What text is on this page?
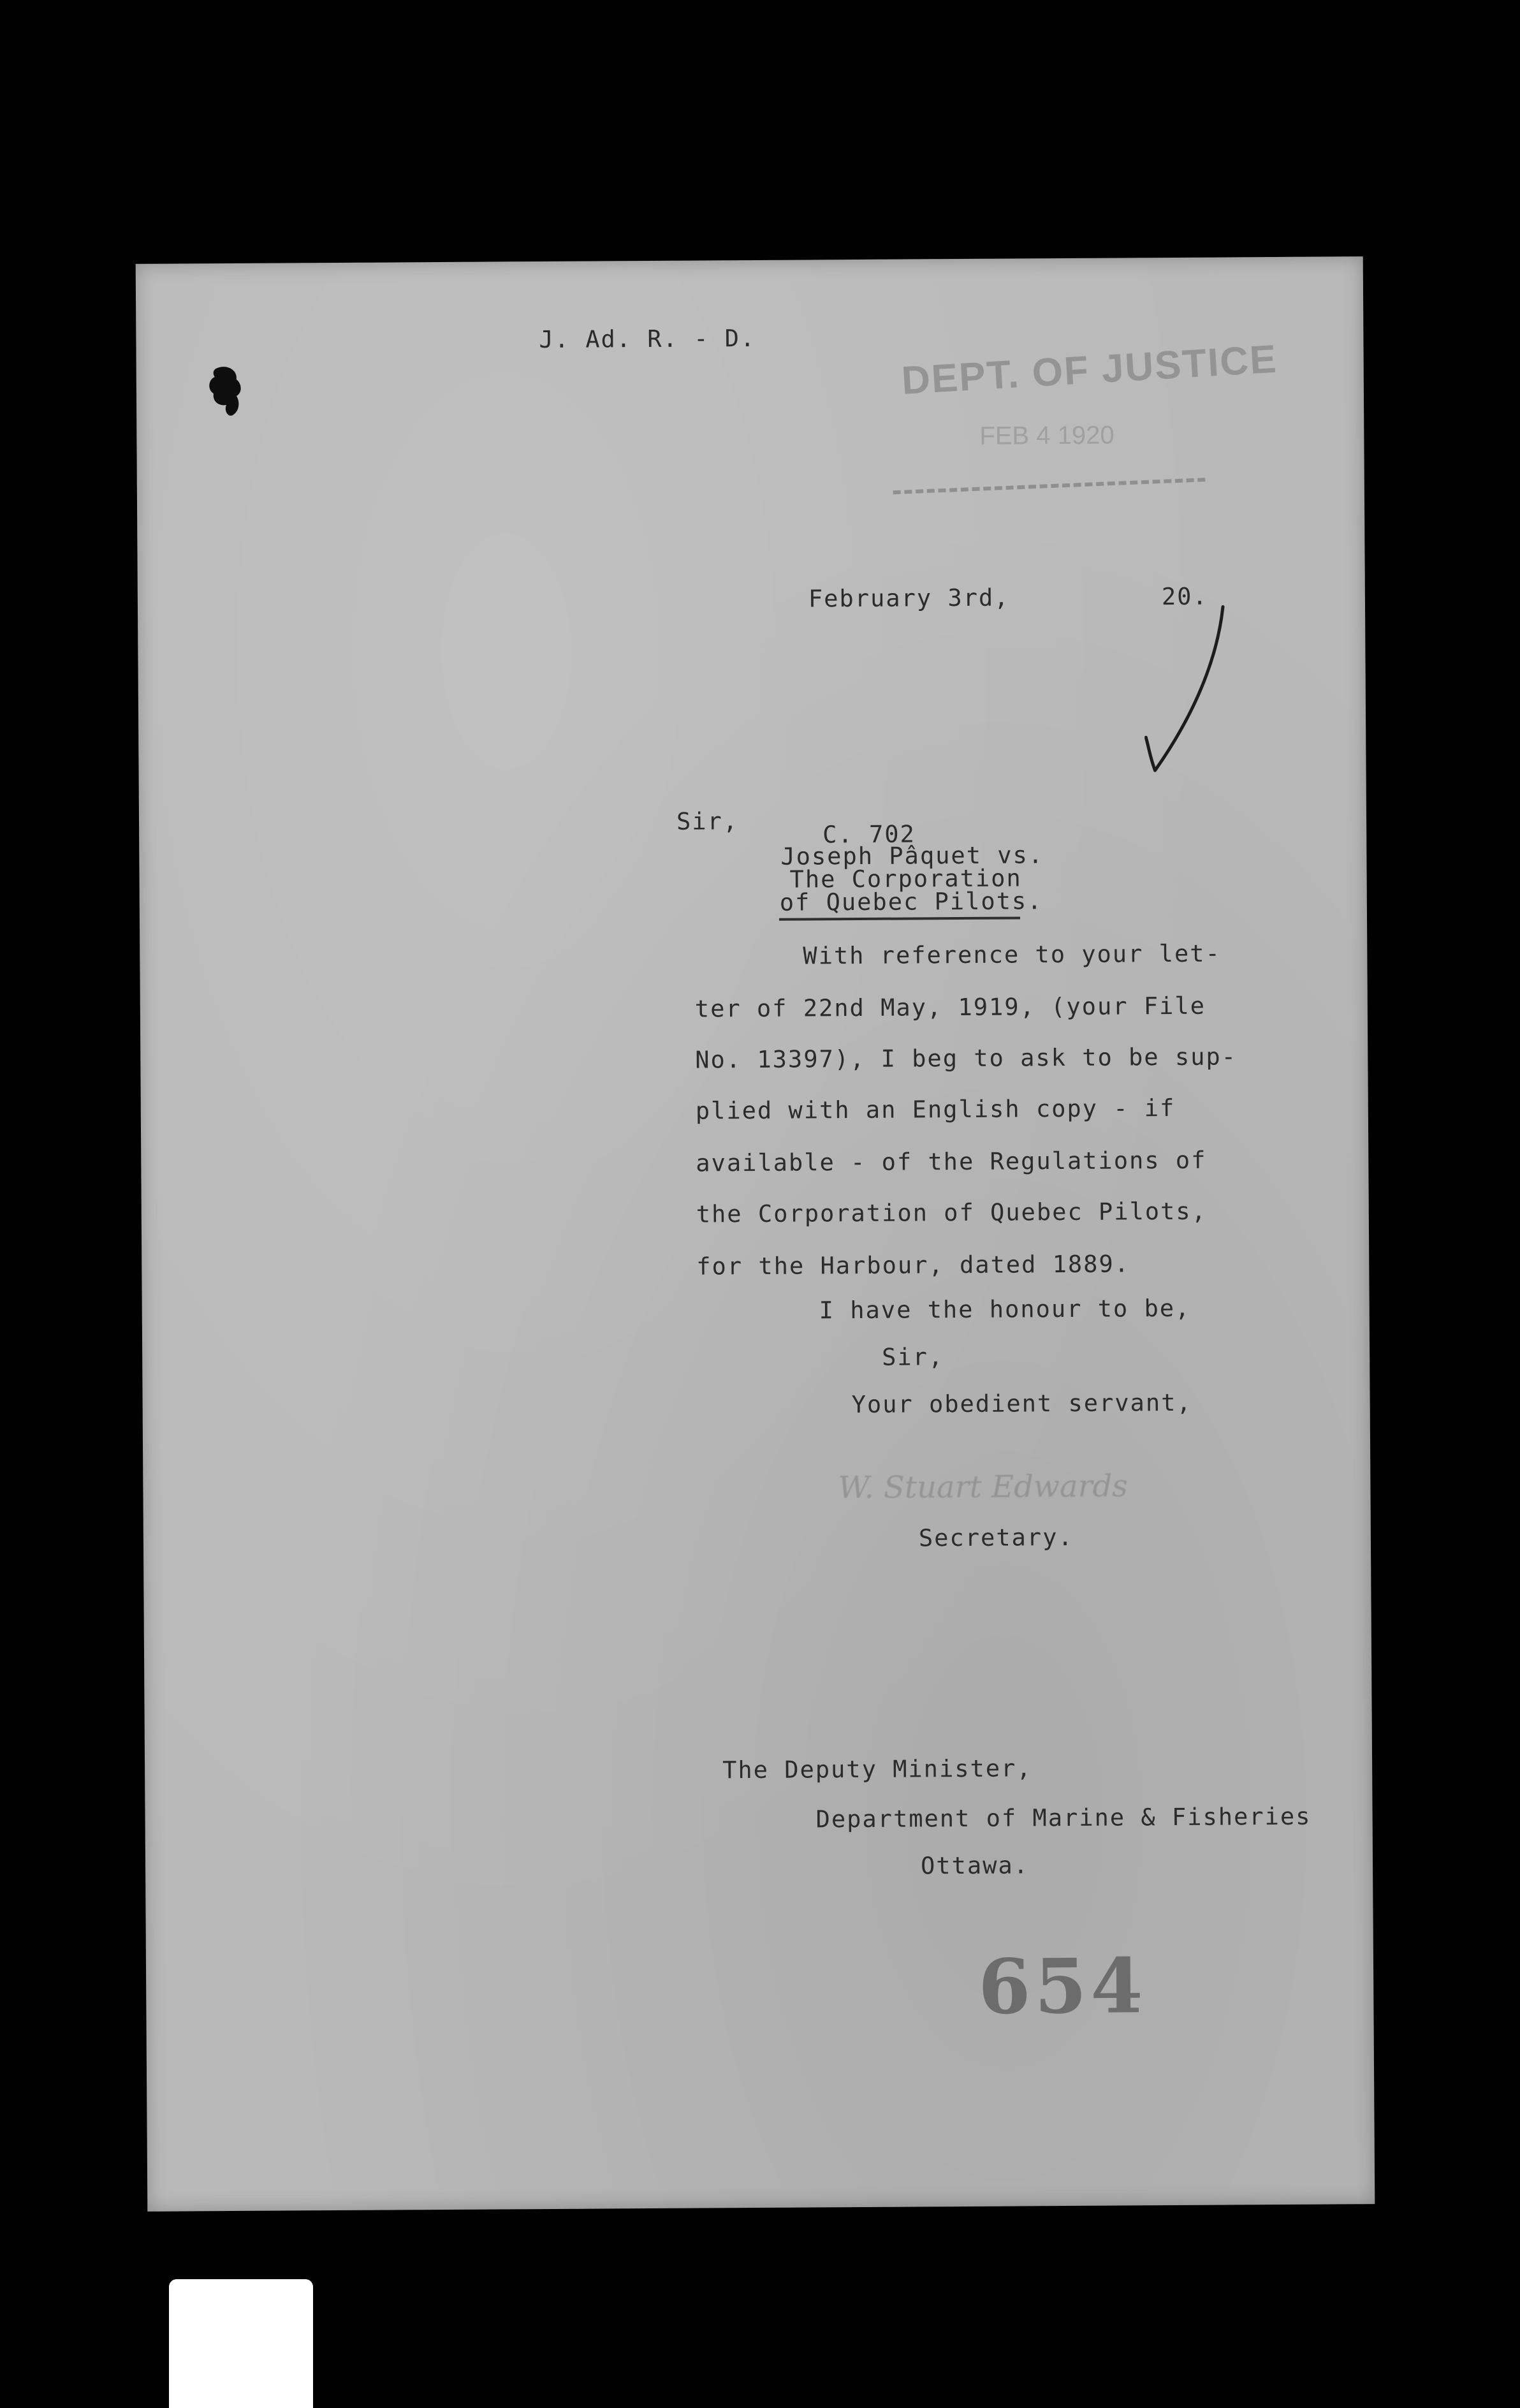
J. Ad. R. - D.	DEPT. OF JUSTICE
FEB 4 1920
February 3rd,	20.
Sir,	C. 702
Joseph Pâquet vs.
The Corporation
of Quebec Pilots.
With reference to your let-
ter of 22nd May, 1919, (your File
No. 13397), I beg to ask to be sup-
plied with an English copy - if
available - of the Regulations of
the Corporation of Quebec Pilots,
for the Harbour, dated 1889.
I have the honour to be,
Sir,
Your obedient servant,
W. Stuart Edwards
Secretary.
The Deputy Minister,
Department of Marine & Fisheries
Ottawa.
654
